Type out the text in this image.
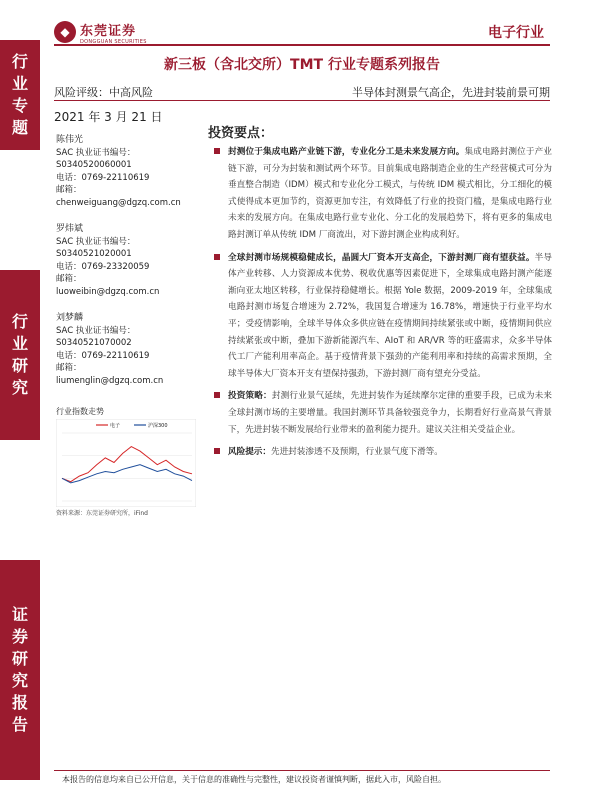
行
业
专
题
行
业
研
究
证
券
研
究
报
告
◆ 东莞证券
DONGGUAN SECURITIES
电子行业
新三板（含北交所）TMT 行业专题系列报告
风险评级：中高风险	半导体封测景气高企，先进封装前景可期
2021 年 3 月 21 日
陈伟光
SAC 执业证书编号：
S0340520060001
电话：0769-22110619
邮箱：
chenweiguang@dgzq.com.cn
罗炜斌
SAC 执业证书编号：
S0340521020001
电话：0769-23320059
邮箱：
luoweibin@dgzq.com.cn
刘梦麟
SAC 执业证书编号：
S0340521070002
电话：0769-22110619
邮箱：
liumenglin@dgzq.com.cn
行业指数走势
电子	沪深300
资料来源：东莞证券研究所，iFind
投资要点：
封测位于集成电路产业链下游，专业化分工是未来发展方向。集成电路封测位于产业链下游，可分为封装和测试两个环节。目前集成电路制造企业的生产经营模式可分为垂直整合制造（IDM）模式和专业化分工模式，与传统 IDM 模式相比，分工细化的模式使得成本更加节约，资源更加专注，有效降低了行业的投资门槛，是集成电路行业未来的发展方向。在集成电路行业专业化、分工化的发展趋势下，将有更多的集成电路封测订单从传统 IDM 厂商流出，对下游封测企业构成利好。
全球封测市场规模稳健成长，晶圆大厂资本开支高企，下游封测厂商有望获益。半导体产业转移、人力资源成本优势、税收优惠等因素促进下，全球集成电路封测产能逐渐向亚太地区转移，行业保持稳健增长。根据 Yole 数据，2009-2019 年，全球集成电路封测市场复合增速为 2.72%，我国复合增速为 16.78%，增速快于行业平均水平；受疫情影响，全球半导体众多供应链在疫情期间持续紧张或中断，疫情期间供应持续紧张或中断，叠加下游新能源汽车、AIoT 和 AR/VR 等的旺盛需求，众多半导体代工厂产能利用率高企。基于疫情背景下强劲的产能利用率和持续的高需求预期，全球半导体大厂资本开支有望保持强劲，下游封测厂商有望充分受益。
投资策略：封测行业景气延续，先进封装作为延续摩尔定律的重要手段，已成为未来全球封测市场的主要增量。我国封测环节具备较强竞争力，长期看好行业高景气背景下，先进封装不断发展给行业带来的盈利能力提升。建议关注相关受益企业。
风险提示：先进封装渗透不及预期，行业景气度下滑等。
本报告的信息均来自已公开信息，关于信息的准确性与完整性，建议投资者谨慎判断，据此入市，风险自担。
